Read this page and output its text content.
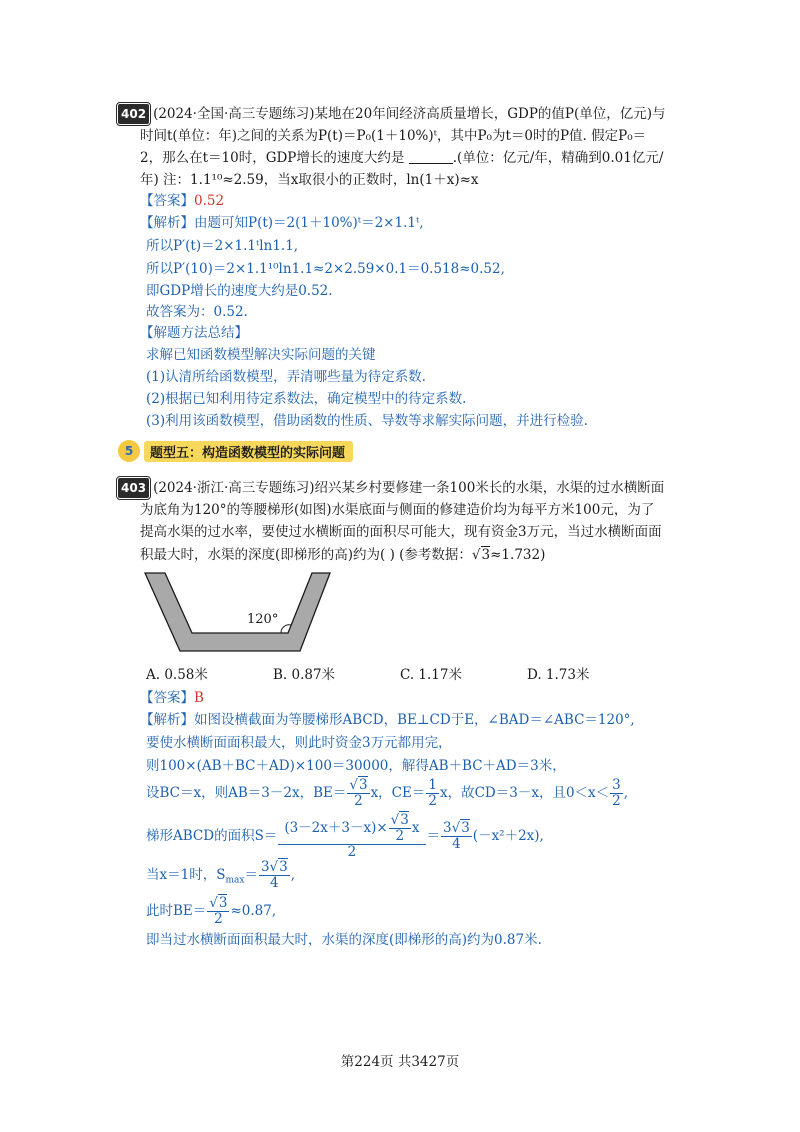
402 (2024·全国·高三专题练习)某地在20年间经济高质量增长，GDP的值P(单位，亿元)与
时间t(单位：年)之间的关系为P(t)＝P₀(1＋10%)ᵗ，其中P₀为t＝0时的P值. 假定P₀＝
2，那么在t＝10时，GDP增长的速度大约是	.(单位：亿元/年，精确到0.01亿元/
年) 注：1.1¹⁰≈2.59，当x取很小的正数时，ln(1＋x)≈x
【答案】0.52
【解析】由题可知P(t)＝2(1＋10%)ᵗ＝2×1.1ᵗ,
所以P′(t)＝2×1.1ᵗln1.1,
所以P′(10)＝2×1.1¹⁰ln1.1≈2×2.59×0.1＝0.518≈0.52,
即GDP增长的速度大约是0.52.
故答案为：0.52.
【解题方法总结】
求解已知函数模型解决实际问题的关键
(1)认清所给函数模型，弄清哪些量为待定系数.
(2)根据已知利用待定系数法，确定模型中的待定系数.
(3)利用该函数模型，借助函数的性质、导数等求解实际问题，并进行检验.
5	题型五：构造函数模型的实际问题
403 (2024·浙江·高三专题练习)绍兴某乡村要修建一条100米长的水渠，水渠的过水横断面
为底角为120°的等腰梯形(如图)水渠底面与侧面的修建造价均为每平方米100元，为了
提高水渠的过水率，要使过水横断面的面积尽可能大，现有资金3万元，当过水横断面面
积最大时，水渠的深度(即梯形的高)约为( ) (参考数据：√3≈1.732)
120°
A. 0.58米	B. 0.87米	C. 1.17米	D. 1.73米
【答案】B
【解析】如图设横截面为等腰梯形ABCD，BE⊥CD于E，∠BAD＝∠ABC＝120°,
要使水横断面面积最大，则此时资金3万元都用完，
则100×(AB＋BC＋AD)×100＝30000，解得AB＋BC＋AD＝3米，
设BC＝x，则AB＝3－2x，$BE= \frac{√3}{2}$ x，$CE= \frac{1}{2}$ x，故CD＝3－x，且$0<x< \frac{3}{2}$ ,
梯形ABCD的面积$S= \frac{(3-2x+3-x)\times \frac{√3}{2} x}{2} = \frac{3√3}{4} (-x^2+2x)$,
当x＝1时，$S_{max}= \frac{3√3}{4}$ ,
此时$BE= \frac{√3}{2} \approx 0.87$,
即当过水横断面面积最大时，水渠的深度(即梯形的高)约为0.87米.
第224页 共3427页
